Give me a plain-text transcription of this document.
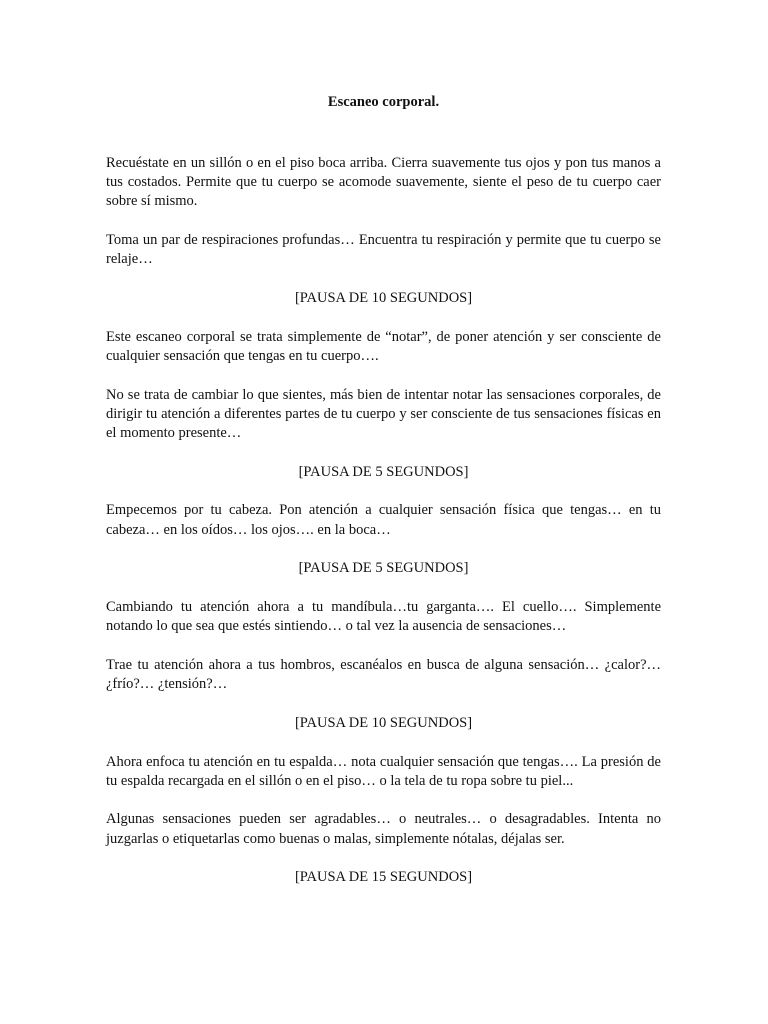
Escaneo corporal.

Recuéstate en un sillón o en el piso boca arriba. Cierra suavemente tus ojos y pon tus manos a tus costados. Permite que tu cuerpo se acomode suavemente, siente el peso de tu cuerpo caer sobre sí mismo.

Toma un par de respiraciones profundas… Encuentra tu respiración y permite que tu cuerpo se relaje…

[PAUSA DE 10 SEGUNDOS]

Este escaneo corporal se trata simplemente de “notar”, de poner atención y ser consciente de cualquier sensación que tengas en tu cuerpo….

No se trata de cambiar lo que sientes, más bien de intentar notar las sensaciones corporales, de dirigir tu atención a diferentes partes de tu cuerpo y ser consciente de tus sensaciones físicas en el momento presente…

[PAUSA DE 5 SEGUNDOS]

Empecemos por tu cabeza. Pon atención a cualquier sensación física que tengas… en tu cabeza… en los oídos… los ojos…. en la boca…

[PAUSA DE 5 SEGUNDOS]

Cambiando tu atención ahora a tu mandíbula…tu garganta…. El cuello…. Simplemente notando lo que sea que estés sintiendo… o tal vez la ausencia de sensaciones…

Trae tu atención ahora a tus hombros, escanéalos en busca de alguna sensación… ¿calor?… ¿frío?… ¿tensión?…

[PAUSA DE 10 SEGUNDOS]

Ahora enfoca tu atención en tu espalda… nota cualquier sensación que tengas…. La presión de tu espalda recargada en el sillón o en el piso… o la tela de tu ropa sobre tu piel...

Algunas sensaciones pueden ser agradables… o neutrales… o desagradables. Intenta no juzgarlas o etiquetarlas como buenas o malas, simplemente nótalas, déjalas ser.

[PAUSA DE 15 SEGUNDOS]
